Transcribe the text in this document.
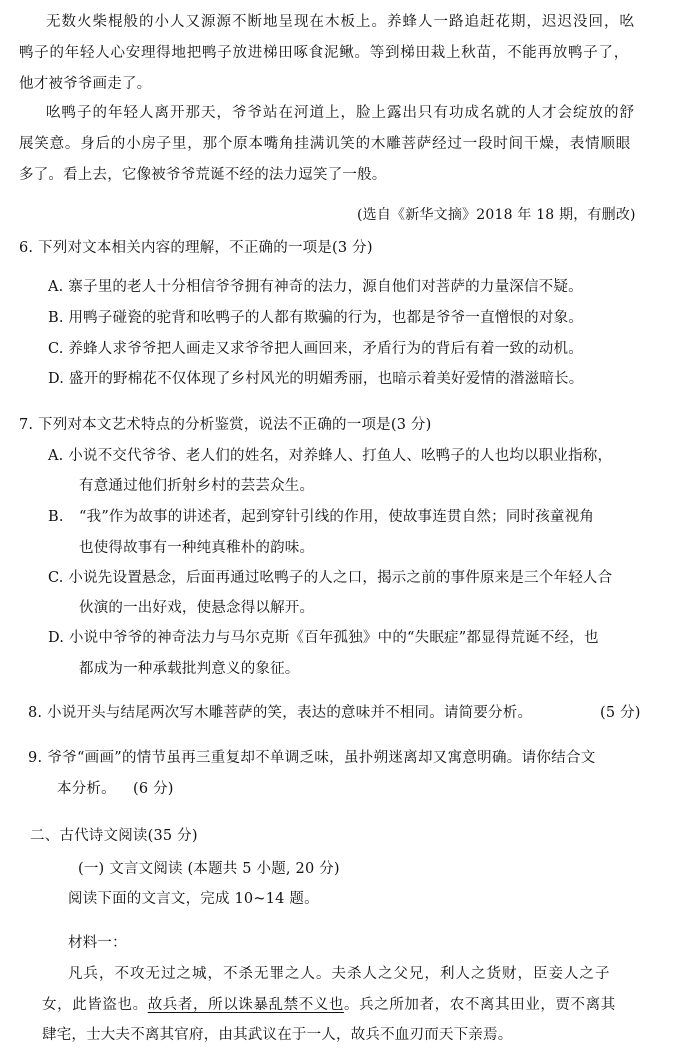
无数火柴棍般的小人又源源不断地呈现在木板上。养蜂人一路追赶花期，迟迟没回，吆
鸭子的年轻人心安理得地把鸭子放进梯田啄食泥鳅。等到梯田栽上秋苗，不能再放鸭子了，
他才被爷爷画走了。
吆鸭子的年轻人离开那天，爷爷站在河道上，脸上露出只有功成名就的人才会绽放的舒
展笑意。身后的小房子里，那个原本嘴角挂满讥笑的木雕菩萨经过一段时间干燥，表情顺眼
多了。看上去，它像被爷爷荒诞不经的法力逗笑了一般。
(选自《新华文摘》2018 年 18 期，有删改)
6. 下列对文本相关内容的理解，不正确的一项是(3 分)
A. 寨子里的老人十分相信爷爷拥有神奇的法力，源自他们对菩萨的力量深信不疑。
B. 用鸭子碰瓷的驼背和吆鸭子的人都有欺骗的行为，也都是爷爷一直憎恨的对象。
C. 养蜂人求爷爷把人画走又求爷爷把人画回来，矛盾行为的背后有着一致的动机。
D. 盛开的野棉花不仅体现了乡村风光的明媚秀丽，也暗示着美好爱情的潜滋暗长。
7. 下列对本文艺术特点的分析鉴赏，说法不正确的一项是(3 分)
A. 小说不交代爷爷、老人们的姓名，对养蜂人、打鱼人、吆鸭子的人也均以职业指称，
有意通过他们折射乡村的芸芸众生。
B. “我”作为故事的讲述者，起到穿针引线的作用，使故事连贯自然；同时孩童视角
也使得故事有一种纯真稚朴的韵味。
C. 小说先设置悬念，后面再通过吆鸭子的人之口，揭示之前的事件原来是三个年轻人合
伙演的一出好戏，使悬念得以解开。
D. 小说中爷爷的神奇法力与马尔克斯《百年孤独》中的“失眠症”都显得荒诞不经，也
都成为一种承载批判意义的象征。
8. 小说开头与结尾两次写木雕菩萨的笑，表达的意味并不相同。请简要分析。	(5 分)
9. 爷爷“画画”的情节虽再三重复却不单调乏味，虽扑朔迷离却又寓意明确。请你结合文
本分析。 (6 分)
二、古代诗文阅读(35 分)
(一) 文言文阅读 (本题共 5 小题, 20 分)
阅读下面的文言文，完成 10~14 题。
材料一：
凡兵，不攻无过之城，不杀无罪之人。夫杀人之父兄，利人之货财，臣妾人之子
女，此皆盗也。故兵者，所以诛暴乱禁不义也。兵之所加者，农不离其田业，贾不离其
肆宅，士大夫不离其官府，由其武议在于一人，故兵不血刃而天下亲焉。
